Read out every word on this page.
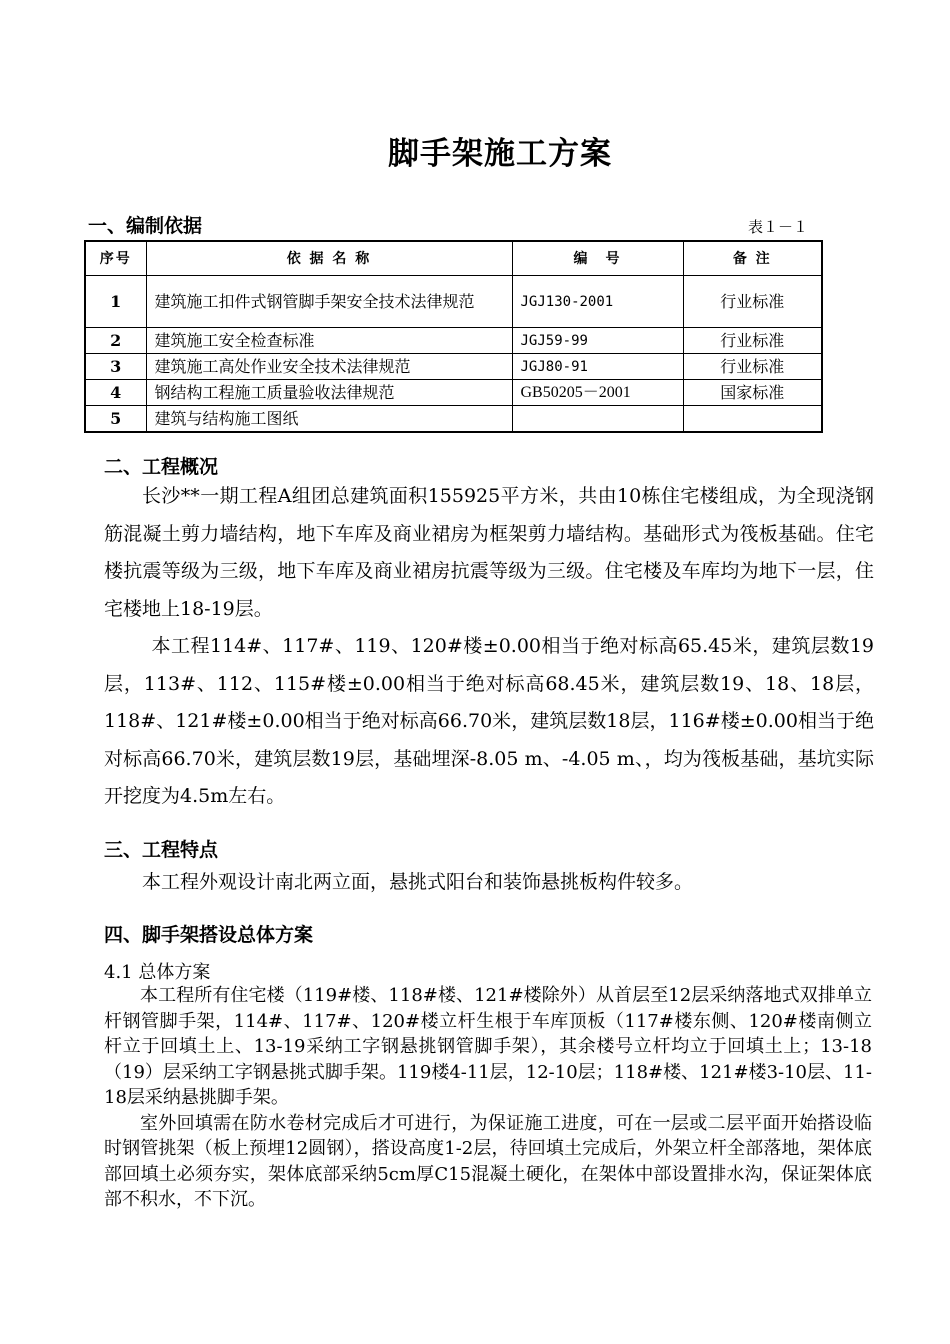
脚手架施工方案
一、编制依据	表１－１
序号	依 据 名 称	编　号	备 注
1	建筑施工扣件式钢管脚手架安全技术法律规范	JGJ130-2001	行业标准
2	建筑施工安全检查标准	JGJ59-99	行业标准
3	建筑施工高处作业安全技术法律规范	JGJ80-91	行业标准
4	钢结构工程施工质量验收法律规范	GB50205－2001	国家标准
5	建筑与结构施工图纸		
二、工程概况

长沙**一期工程A组团总建筑面积155925平方米，共由10栋住宅楼组成，为全现浇钢筋混凝土剪力墙结构，地下车库及商业裙房为框架剪力墙结构。基础形式为筏板基础。住宅楼抗震等级为三级，地下车库及商业裙房抗震等级为三级。住宅楼及车库均为地下一层，住宅楼地上18-19层。

本工程114#、117#、119、120#楼±0.00相当于绝对标高65.45米，建筑层数19层，113#、112、115#楼±0.00相当于绝对标高68.45米，建筑层数19、18、18层，118#、121#楼±0.00相当于绝对标高66.70米，建筑层数18层，116#楼±0.00相当于绝对标高66.70米，建筑层数19层，基础埋深-8.05 m、-4.05 m、，均为筏板基础，基坑实际开挖度为4.5m左右。

三、工程特点

本工程外观设计南北两立面，悬挑式阳台和装饰悬挑板构件较多。

四、脚手架搭设总体方案
4.1 总体方案

本工程所有住宅楼（119#楼、118#楼、121#楼除外）从首层至12层采纳落地式双排单立杆钢管脚手架，114#、117#、120#楼立杆生根于车库顶板（117#楼东侧、120#楼南侧立杆立于回填土上、13-19采纳工字钢悬挑钢管脚手架），其余楼号立杆均立于回填土上；13-18（19）层采纳工字钢悬挑式脚手架。119楼4-11层，12-10层；118#楼、121#楼3-10层、11-18层采纳悬挑脚手架。

室外回填需在防水卷材完成后才可进行，为保证施工进度，可在一层或二层平面开始搭设临时钢管挑架（板上预埋12圆钢），搭设高度1-2层，待回填土完成后，外架立杆全部落地，架体底部回填土必须夯实，架体底部采纳5cm厚C15混凝土硬化，在架体中部设置排水沟，保证架体底部不积水，不下沉。
